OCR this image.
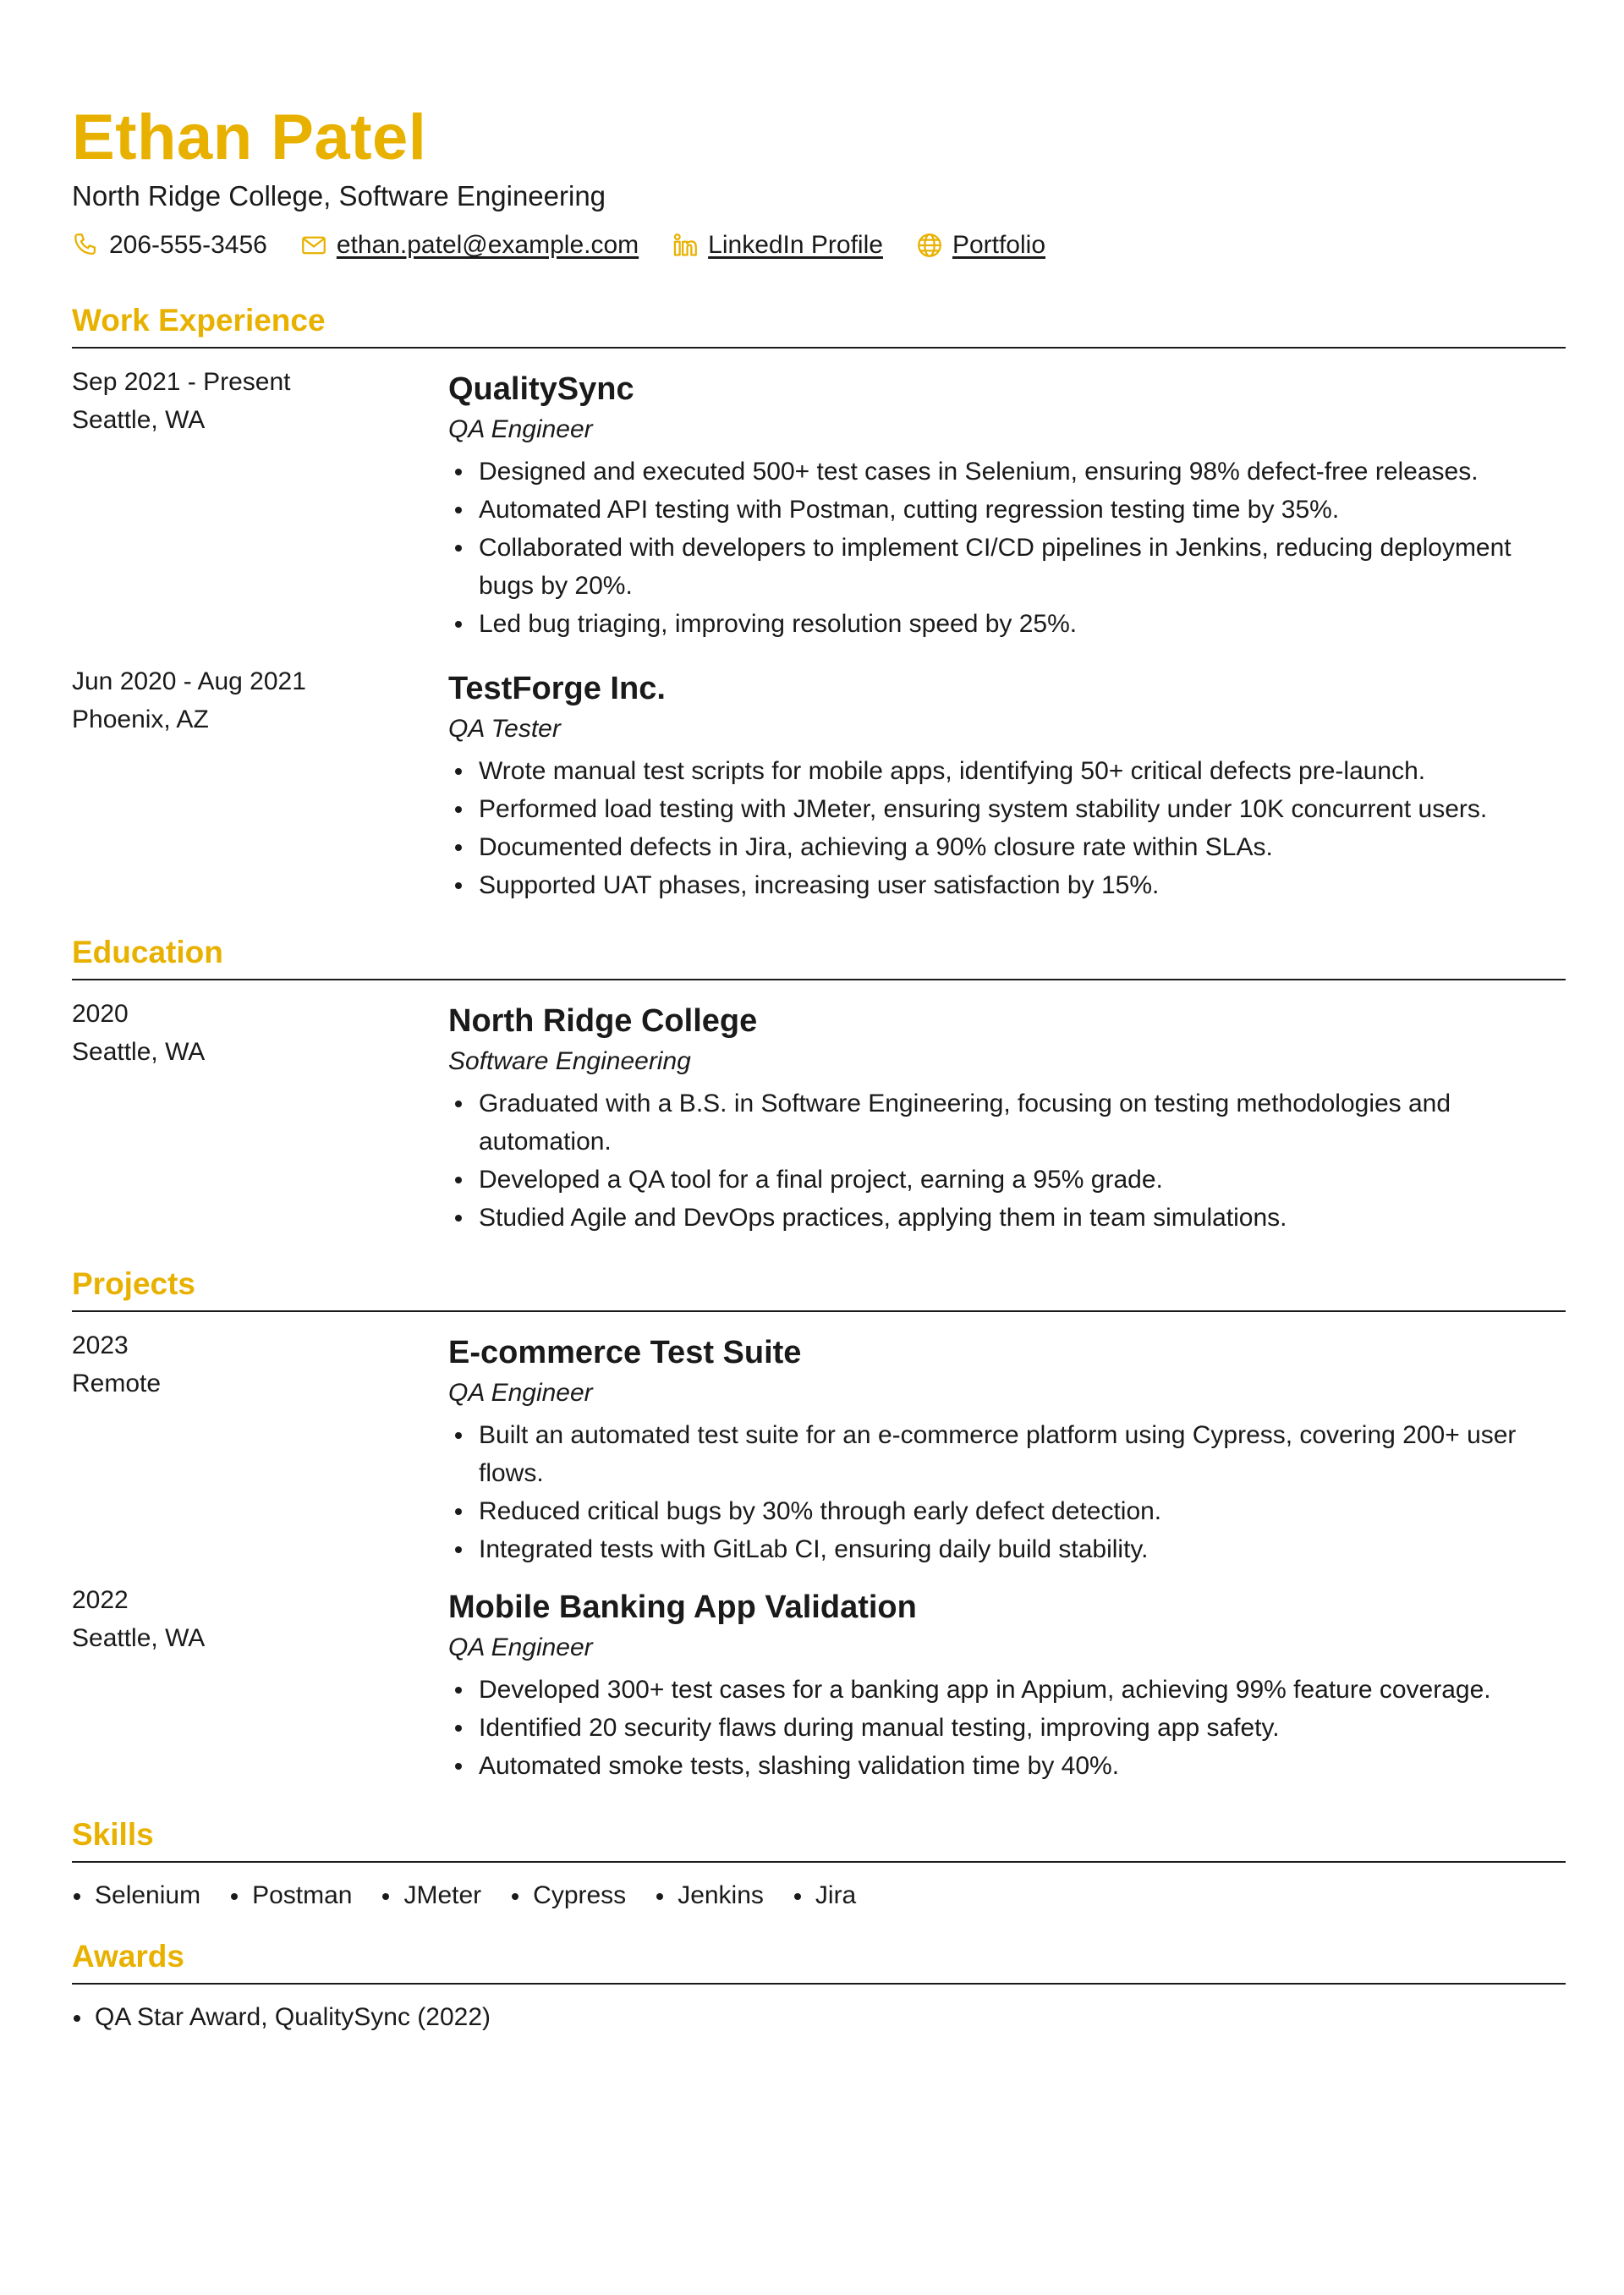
Ethan Patel
North Ridge College, Software Engineering
206-555-3456	ethan.patel@example.com	LinkedIn Profile	Portfolio
Work Experience
Sep 2021 - Present
Seattle, WA
QualitySync
QA Engineer
Designed and executed 500+ test cases in Selenium, ensuring 98% defect-free releases.
Automated API testing with Postman, cutting regression testing time by 35%.
Collaborated with developers to implement CI/CD pipelines in Jenkins, reducing deployment bugs by 20%.
Led bug triaging, improving resolution speed by 25%.
Jun 2020 - Aug 2021
Phoenix, AZ
TestForge Inc.
QA Tester
Wrote manual test scripts for mobile apps, identifying 50+ critical defects pre-launch.
Performed load testing with JMeter, ensuring system stability under 10K concurrent users.
Documented defects in Jira, achieving a 90% closure rate within SLAs.
Supported UAT phases, increasing user satisfaction by 15%.
Education
2020
Seattle, WA
North Ridge College
Software Engineering
Graduated with a B.S. in Software Engineering, focusing on testing methodologies and automation.
Developed a QA tool for a final project, earning a 95% grade.
Studied Agile and DevOps practices, applying them in team simulations.
Projects
2023
Remote
E-commerce Test Suite
QA Engineer
Built an automated test suite for an e-commerce platform using Cypress, covering 200+ user flows.
Reduced critical bugs by 30% through early defect detection.
Integrated tests with GitLab CI, ensuring daily build stability.
2022
Seattle, WA
Mobile Banking App Validation
QA Engineer
Developed 300+ test cases for a banking app in Appium, achieving 99% feature coverage.
Identified 20 security flaws during manual testing, improving app safety.
Automated smoke tests, slashing validation time by 40%.
Skills
Selenium	Postman	JMeter	Cypress	Jenkins	Jira
Awards
QA Star Award, QualitySync (2022)
